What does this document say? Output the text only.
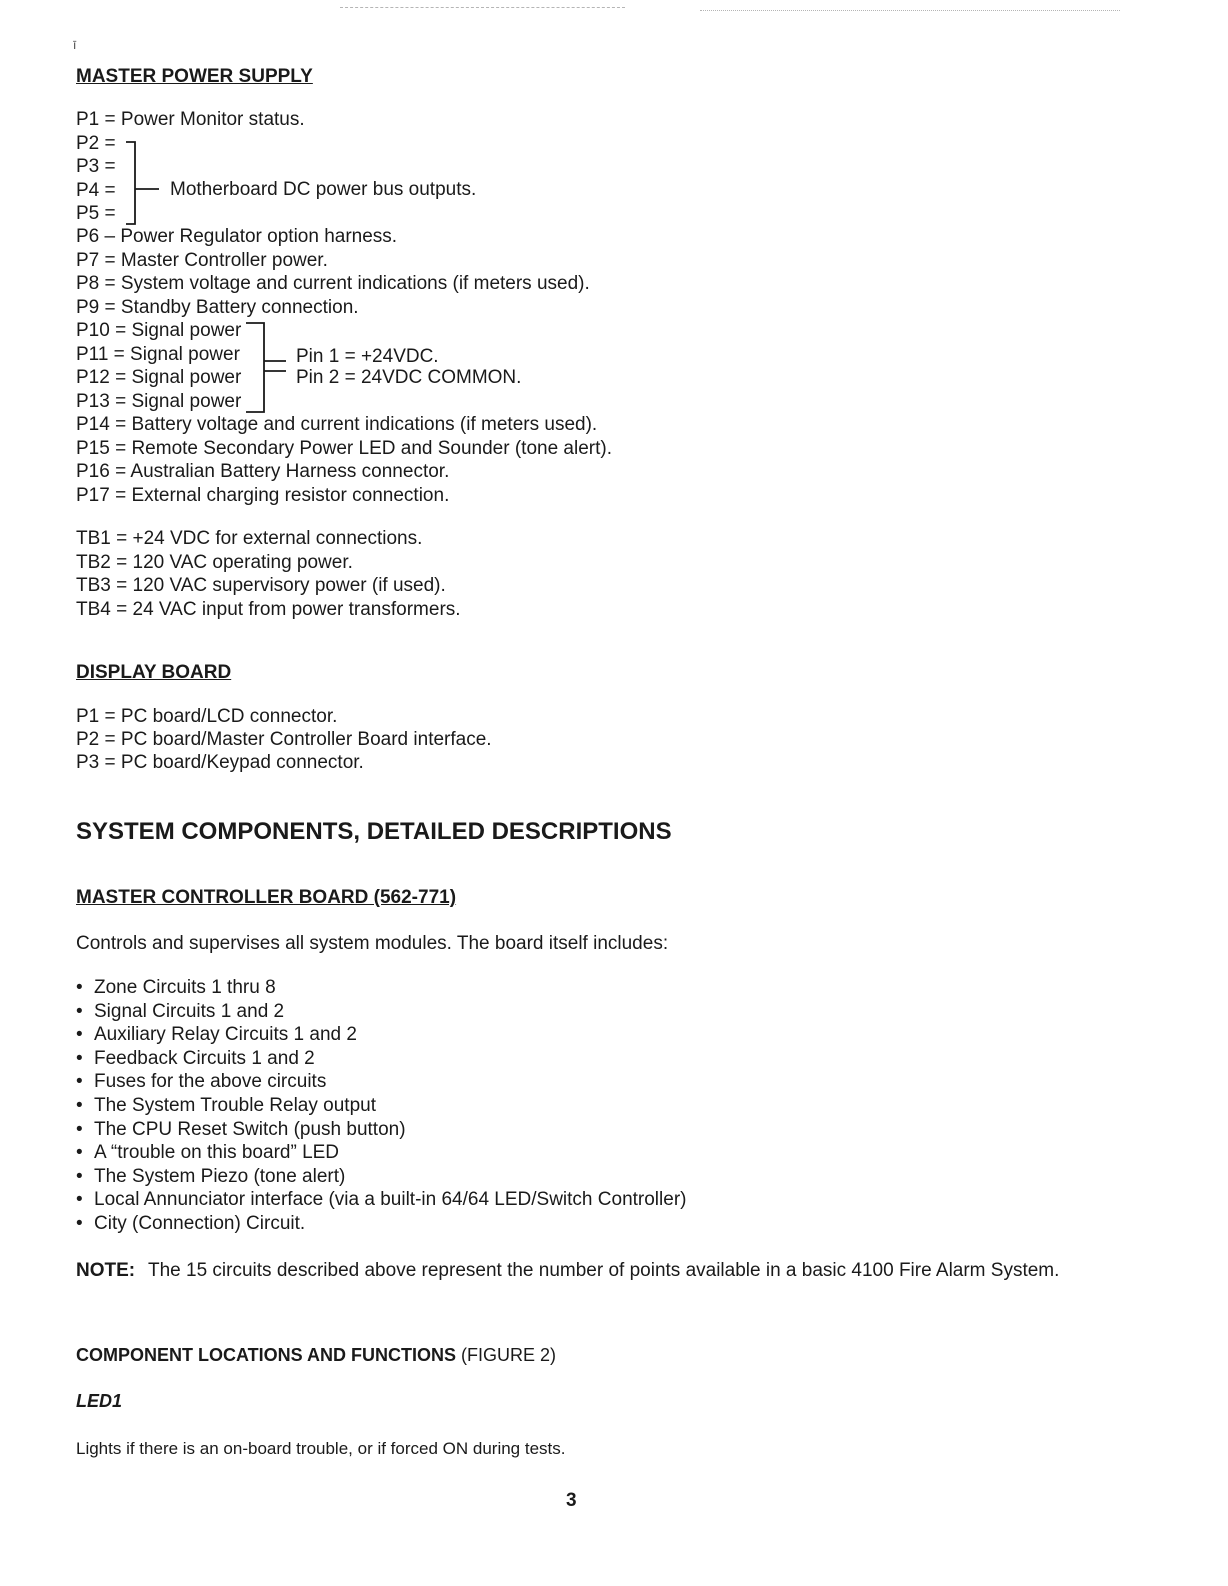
ī
MASTER POWER SUPPLY
P1 = Power Monitor status.
P2 =
P3 =
P4 =
P5 =
Motherboard DC power bus outputs.
P6 – Power Regulator option harness.
P7 = Master Controller power.
P8 = System voltage and current indications (if meters used).
P9 = Standby Battery connection.
P10 = Signal power
P11 = Signal power
P12 = Signal power
P13 = Signal power
Pin 1 = +24VDC.
Pin 2 = 24VDC COMMON.
P14 = Battery voltage and current indications (if meters used).
P15 = Remote Secondary Power LED and Sounder (tone alert).
P16 = Australian Battery Harness connector.
P17 = External charging resistor connection.
TB1 = +24 VDC for external connections.
TB2 = 120 VAC operating power.
TB3 = 120 VAC supervisory power (if used).
TB4 = 24 VAC input from power transformers.
DISPLAY BOARD
P1 = PC board/LCD connector.
P2 = PC board/Master Controller Board interface.
P3 = PC board/Keypad connector.
SYSTEM COMPONENTS, DETAILED DESCRIPTIONS
MASTER CONTROLLER BOARD (562-771)
Controls and supervises all system modules. The board itself includes:
• Zone Circuits 1 thru 8
• Signal Circuits 1 and 2
• Auxiliary Relay Circuits 1 and 2
• Feedback Circuits 1 and 2
• Fuses for the above circuits
• The System Trouble Relay output
• The CPU Reset Switch (push button)
• A “trouble on this board” LED
• The System Piezo (tone alert)
• Local Annunciator interface (via a built-in 64/64 LED/Switch Controller)
• City (Connection) Circuit.
NOTE: The 15 circuits described above represent the number of points available in a basic 4100 Fire Alarm System.
COMPONENT LOCATIONS AND FUNCTIONS (FIGURE 2)
LED1
Lights if there is an on-board trouble, or if forced ON during tests.
3
